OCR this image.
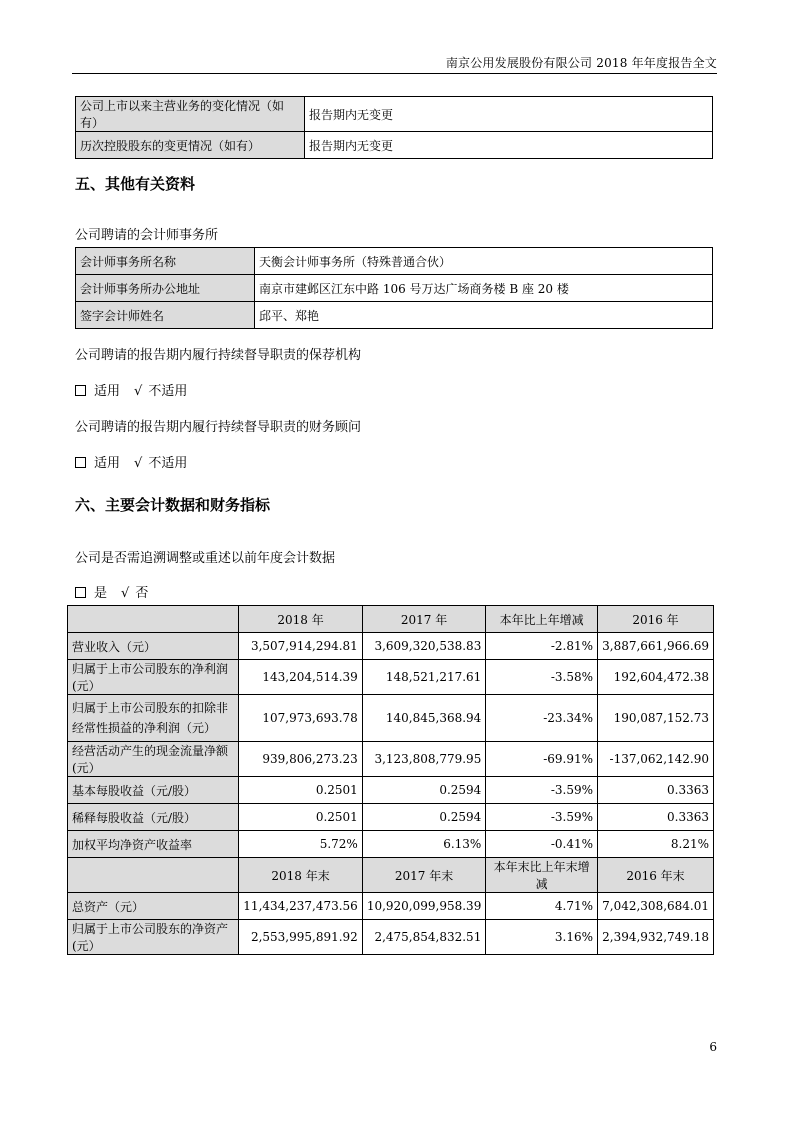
南京公用发展股份有限公司 2018 年年度报告全文
公司上市以来主营业务的变化情况（如有）	报告期内无变更
历次控股股东的变更情况（如有）	报告期内无变更
五、其他有关资料
公司聘请的会计师事务所
会计师事务所名称	天衡会计师事务所（特殊普通合伙）
会计师事务所办公地址	南京市建邺区江东中路 106 号万达广场商务楼 B 座 20 楼
签字会计师姓名	邱平、郑艳
公司聘请的报告期内履行持续督导职责的保荐机构
适用 √ 不适用
公司聘请的报告期内履行持续督导职责的财务顾问
适用 √ 不适用
六、主要会计数据和财务指标
公司是否需追溯调整或重述以前年度会计数据
是 √ 否
	2018 年	2017 年	本年比上年增减	2016 年
营业收入（元）	3,507,914,294.81	3,609,320,538.83	-2.81%	3,887,661,966.69
归属于上市公司股东的净利润(元）	143,204,514.39	148,521,217.61	-3.58%	192,604,472.38
归属于上市公司股东的扣除非经常性损益的净利润（元）	107,973,693.78	140,845,368.94	-23.34%	190,087,152.73
经营活动产生的现金流量净额(元）	939,806,273.23	3,123,808,779.95	-69.91%	-137,062,142.90
基本每股收益（元/股）	0.2501	0.2594	-3.59%	0.3363
稀释每股收益（元/股）	0.2501	0.2594	-3.59%	0.3363
加权平均净资产收益率	5.72%	6.13%	-0.41%	8.21%
	2018 年末	2017 年末	本年末比上年末增减	2016 年末
总资产（元）	11,434,237,473.56	10,920,099,958.39	4.71%	7,042,308,684.01
归属于上市公司股东的净资产(元）	2,553,995,891.92	2,475,854,832.51	3.16%	2,394,932,749.18
6
